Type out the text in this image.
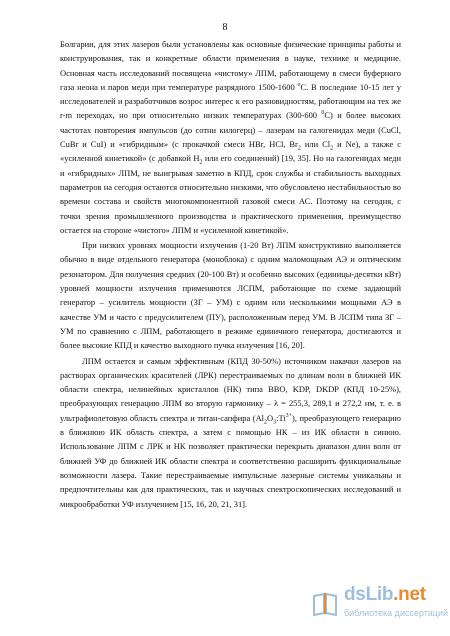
8

Болгарии, для этих лазеров были установлены как основные физические принципы работы и конструирования, так и конкретные области применения в науке, технике и медицине. Основная часть исследований посвящена «чистому» ЛПМ, работающему в смеси буферного газа неона и паров меди при температуре разрядного 1500-1600 $^o$С. В последние 10-15 лет у исследователей и разработчиков возрос интерес к его разновидностям, работающим на тех же r-m переходах, но при относительно низких температурах (300-600 $^0$С) и более высоких частотах повторения импульсов (до сотни килогерц) – лазерам на галогенидах меди (CuCl, CuBr и CuI) и «гибридным» (с прокачкой смеси HBr, HCl, $Br_2$ или $Cl_2$ и Ne), а также с «усиленной кинетикой» (с добавкой $H_2$ или его соединений) [19, 35]. Но на галогенидах меди и «гибридных» ЛПМ, не выигрывая заметно в КПД, срок службы и стабильность выходных параметров на сегодня остаются относительно низкими, что обусловлено нестабильностью во времени состава и свойств многокомпонентной газовой смеси АС. Поэтому на сегодня, с точки зрения промышленного производства и практического применения, преимущество остается на стороне «чистого» ЛПМ и «усиленной кинетикой».

При низких уровнях мощности излучения (1-20 Вт) ЛПМ конструктивно выполняется обычно в виде отдельного генератора (моноблока) с одним маломощным АЭ и оптическим резонатором. Для получения средних (20-100 Вт) и особенно высоких (единицы-десятки кВт) уровней мощности излучения применяются ЛСПМ, работающие по схеме задающий генератор – усилитель мощности (ЗГ – УМ) с одним или несколькими мощными АЭ в качестве УМ и часто с предусилителем (ПУ), расположенным перед УМ. В ЛСПМ типа ЗГ – УМ по сравнению с ЛПМ, работающего в режиме единичного генератора, достигаются и более высокие КПД и качество выходного пучка излучения [16, 20].

ЛПМ остается и самым эффективным (КПД 30-50%) источником накачки лазеров на растворах органических красителей (ЛРК) перестраиваемых по длинам волн в ближней ИК области спектра, нелинейных кристаллов (НК) типа BBO, KDP, DKDP (КПД 10-25%), преобразующих генерацию ЛПМ во вторую гармонику – λ = 255,3, 289,1 и 272,2 нм, т. е. в ультрафиолетовую область спектра и титан-сапфира $(Al_2O_3:Ti^{3+})$, преобразующего генерацию в ближнюю ИК область спектра, а затем с помощью НК – из ИК области в синюю. Использование ЛПМ с ЛРК и НК позволяет практически перекрыть диапазон длин волн от ближней УФ до ближней ИК области спектра и соответственно расширить функциональные возможности лазера. Такие перестраиваемые импульсные лазерные системы уникальны и предпочтительны как для практических, так и научных спектроскопических исследований и микрообработки УФ излучением [15, 16, 20, 21, 31].

dsLib.net
библиотека диссертаций
